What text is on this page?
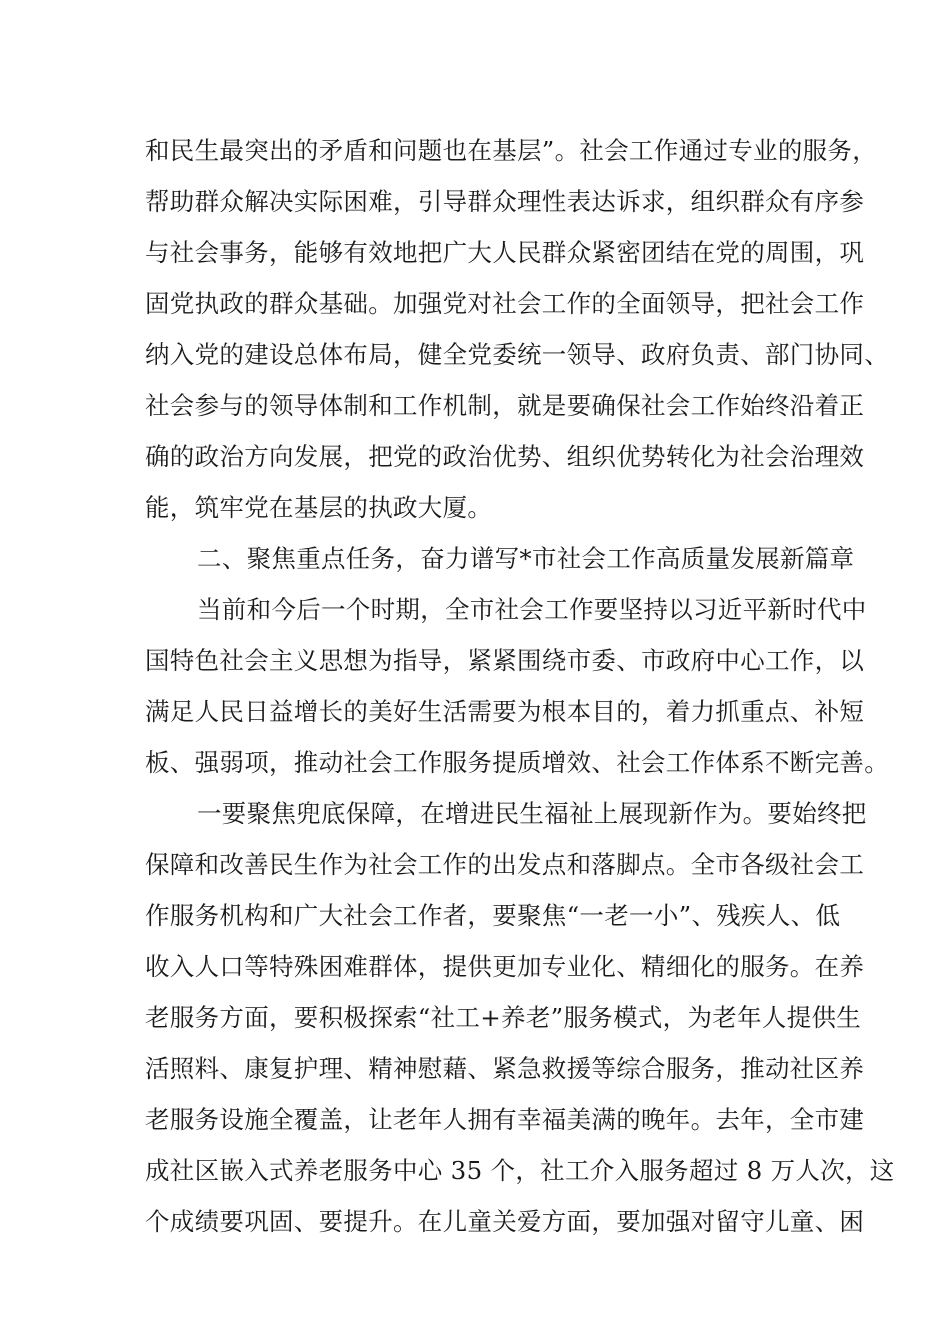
和民生最突出的矛盾和问题也在基层”。社会工作通过专业的服务，
帮助群众解决实际困难，引导群众理性表达诉求，组织群众有序参
与社会事务，能够有效地把广大人民群众紧密团结在党的周围，巩
固党执政的群众基础。加强党对社会工作的全面领导，把社会工作
纳入党的建设总体布局，健全党委统一领导、政府负责、部门协同、
社会参与的领导体制和工作机制，就是要确保社会工作始终沿着正
确的政治方向发展，把党的政治优势、组织优势转化为社会治理效
能，筑牢党在基层的执政大厦。
二、聚焦重点任务，奋力谱写*市社会工作高质量发展新篇章
当前和今后一个时期，全市社会工作要坚持以习近平新时代中
国特色社会主义思想为指导，紧紧围绕市委、市政府中心工作，以
满足人民日益增长的美好生活需要为根本目的，着力抓重点、补短
板、强弱项，推动社会工作服务提质增效、社会工作体系不断完善。
一要聚焦兜底保障，在增进民生福祉上展现新作为。要始终把
保障和改善民生作为社会工作的出发点和落脚点。全市各级社会工
作服务机构和广大社会工作者，要聚焦“一老一小”、残疾人、低
收入人口等特殊困难群体，提供更加专业化、精细化的服务。在养
老服务方面，要积极探索“社工+养老”服务模式，为老年人提供生
活照料、康复护理、精神慰藉、紧急救援等综合服务，推动社区养
老服务设施全覆盖，让老年人拥有幸福美满的晚年。去年，全市建
成社区嵌入式养老服务中心 35 个，社工介入服务超过 8 万人次，这
个成绩要巩固、要提升。在儿童关爱方面，要加强对留守儿童、困
